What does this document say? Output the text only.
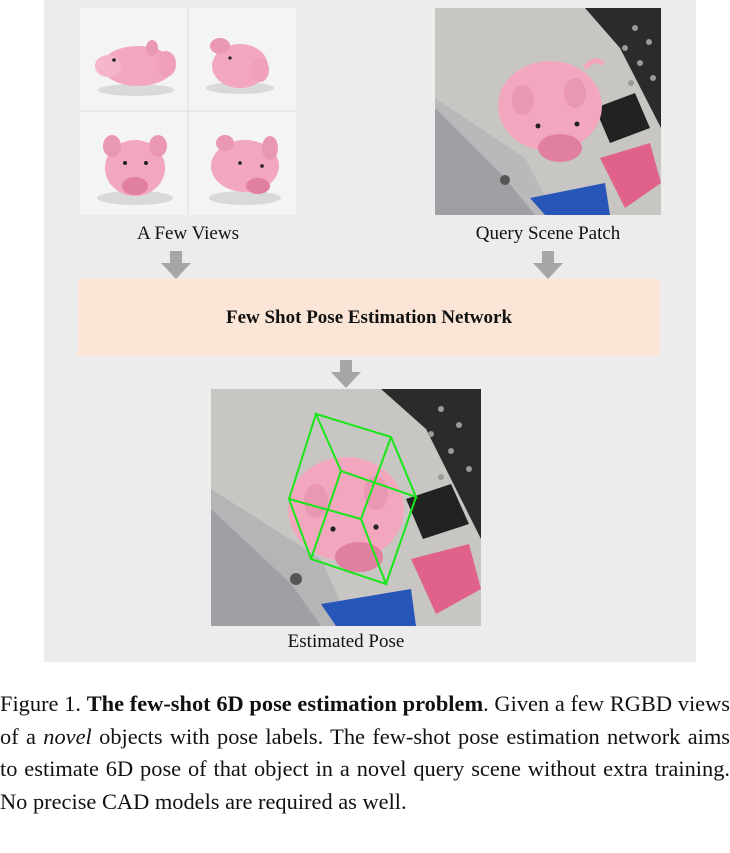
A Few Views	Query Scene Patch
Few Shot Pose Estimation Network
Estimated Pose
Figure 1. The few-shot 6D pose estimation problem. Given a few RGBD views of a novel objects with pose labels. The few-shot pose estimation network aims to estimate 6D pose of that object in a novel query scene without extra training. No precise CAD models are required as well.
